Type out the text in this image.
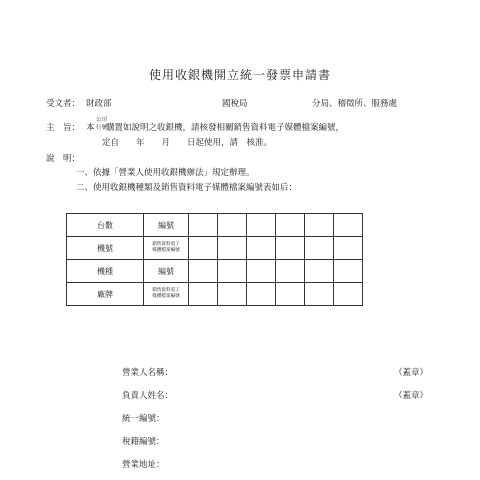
使用收銀機開立統一發票申請書
受文者： 財政部	國稅局	分局、稽徵所、服務處
主　旨： 本
公司
行號
購置如說明之收銀機，請核發相關銷售資料電子媒體檔案編號，
定自　　年　　月　　日起使用，請　核准。
說　明：
一、依據「營業人使用收銀機辦法」規定辦理。
二、使用收銀機種類及銷售資料電子媒體檔案編號表如后：
台數	編號						
機號	銷售資料電子
媒體檔案編號						

機種	編號						
廠牌	銷售資料電子
媒體檔案編號						

營業人名稱：	（蓋章）
負責人姓名：	（蓋章）
統一編號：
稅籍編號：
營業地址：
